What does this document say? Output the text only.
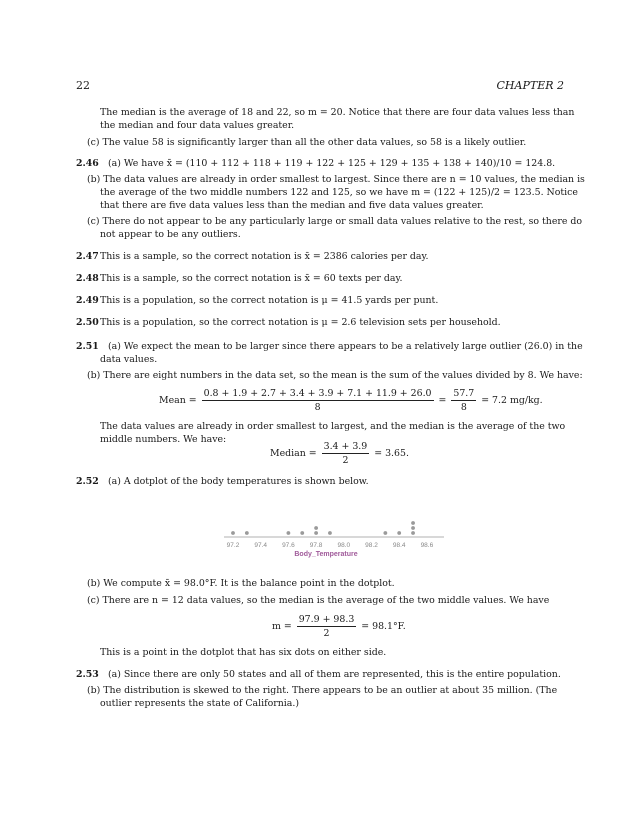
22	CHAPTER 2
The median is the average of 18 and 22, so m = 20. Notice that there are four data values less than
the median and four data values greater.
(c) The value 58 is significantly larger than all the other data values, so 58 is a likely outlier.
2.46 (a) We have x̄ = (110 + 112 + 118 + 119 + 122 + 125 + 129 + 135 + 138 + 140)/10 = 124.8.
(b) The data values are already in order smallest to largest. Since there are n = 10 values, the median is
the average of the two middle numbers 122 and 125, so we have m = (122 + 125)/2 = 123.5. Notice
that there are five data values less than the median and five data values greater.
(c) There do not appear to be any particularly large or small data values relative to the rest, so there do
not appear to be any outliers.
2.47 This is a sample, so the correct notation is x̄ = 2386 calories per day.
2.48 This is a sample, so the correct notation is x̄ = 60 texts per day.
2.49 This is a population, so the correct notation is μ = 41.5 yards per punt.
2.50 This is a population, so the correct notation is μ = 2.6 television sets per household.
2.51 (a) We expect the mean to be larger since there appears to be a relatively large outlier (26.0) in the
data values.
(b) There are eight numbers in the data set, so the mean is the sum of the values divided by 8. We have:
Mean = $\frac{0.8 + 1.9 + 2.7 + 3.4 + 3.9 + 7.1 + 11.9 + 26.0}{8} = \frac{57.7}{8} = 7.2$ mg/kg.
The data values are already in order smallest to largest, and the median is the average of the two
middle numbers. We have:
Median = $\frac{3.4 + 3.9}{2} = 3.65$.
2.52 (a) A dotplot of the body temperatures is shown below.
97.2 97.4 97.6 97.8 98.0 98.2 98.4 98.6
Body_Temperature
(b) We compute x̄ = 98.0°F. It is the balance point in the dotplot.
(c) There are n = 12 data values, so the median is the average of the two middle values. We have
$m = \frac{97.9 + 98.3}{2} = 98.1^\circ F$.
This is a point in the dotplot that has six dots on either side.
2.53 (a) Since there are only 50 states and all of them are represented, this is the entire population.
(b) The distribution is skewed to the right. There appears to be an outlier at about 35 million. (The
outlier represents the state of California.)
